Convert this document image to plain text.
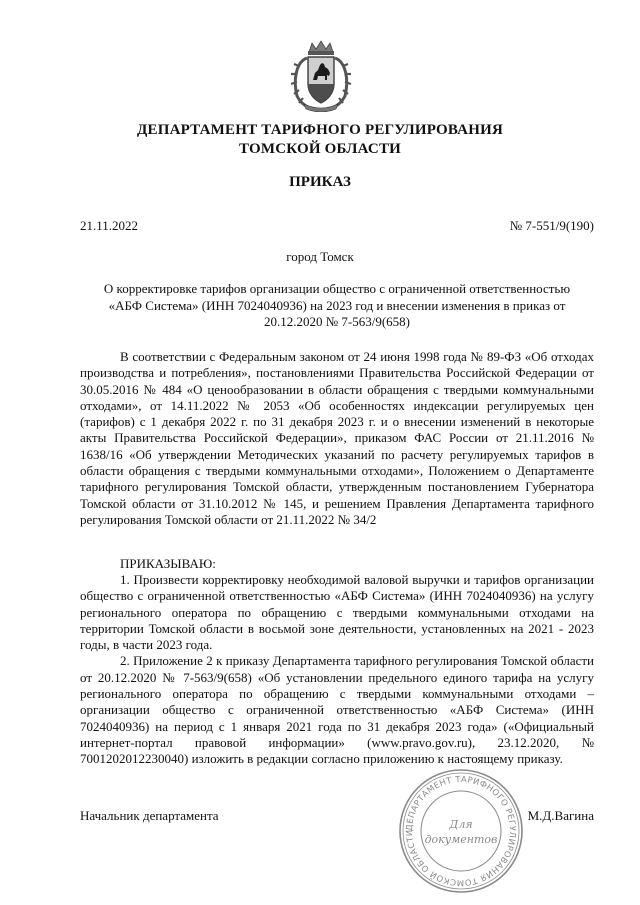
ДЕПАРТАМЕНТ ТАРИФНОГО РЕГУЛИРОВАНИЯ
ТОМСКОЙ ОБЛАСТИ
ПРИКАЗ
21.11.2022	№ 7-551/9(190)
город Томск
О корректировке тарифов организации общество с ограниченной ответственностью
«АБФ Система» (ИНН 7024040936) на 2023 год и внесении изменения в приказ от
20.12.2020 № 7-563/9(658)

В соответствии с Федеральным законом от 24 июня 1998 года № 89-ФЗ «Об отходах производства и потребления», постановлениями Правительства Российской Федерации от 30.05.2016 № 484 «О ценообразовании в области обращения с твердыми коммунальными отходами», от 14.11.2022 № 2053 «Об особенностях индексации регулируемых цен (тарифов) с 1 декабря 2022 г. по 31 декабря 2023 г. и о внесении изменений в некоторые акты Правительства Российской Федерации», приказом ФАС России от 21.11.2016 № 1638/16 «Об утверждении Методических указаний по расчету регулируемых тарифов в области обращения с твердыми коммунальными отходами», Положением о Департаменте тарифного регулирования Томской области, утвержденным постановлением Губернатора Томской области от 31.10.2012 № 145, и решением Правления Департамента тарифного регулирования Томской области от 21.11.2022 № 34/2

ПРИКАЗЫВАЮ:

1. Произвести корректировку необходимой валовой выручки и тарифов организации общество с ограниченной ответственностью «АБФ Система» (ИНН 7024040936) на услугу регионального оператора по обращению с твердыми коммунальными отходами на территории Томской области в восьмой зоне деятельности, установленных на 2021 - 2023 годы, в части 2023 года.

2. Приложение 2 к приказу Департамента тарифного регулирования Томской области от 20.12.2020 № 7-563/9(658) «Об установлении предельного единого тарифа на услугу регионального оператора по обращению с твердыми коммунальными отходами – организации общество с ограниченной ответственностью «АБФ Система» (ИНН 7024040936) на период с 1 января 2021 года по 31 декабря 2023 года» («Официальный интернет-портал правовой информации» (www.pravo.gov.ru), 23.12.2020, № 7001202012230040) изложить в редакции согласно приложению к настоящему приказу.

Начальник департамента	М.Д.Вагина
ДЕПАРТАМЕНТ ТАРИФНОГО РЕГУЛИРОВАНИЯ ТОМСКОЙ ОБЛАСТИ
Для
документов
